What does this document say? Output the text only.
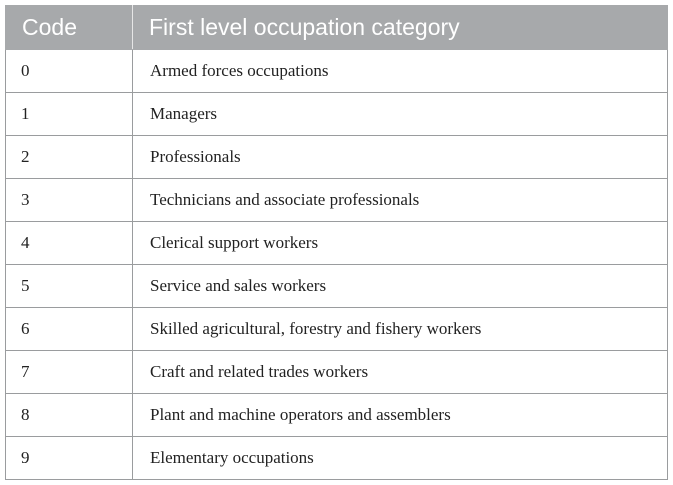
Code	First level occupation category
0	Armed forces occupations
1	Managers
2	Professionals
3	Technicians and associate professionals
4	Clerical support workers
5	Service and sales workers
6	Skilled agricultural, forestry and fishery workers
7	Craft and related trades workers
8	Plant and machine operators and assemblers
9	Elementary occupations
